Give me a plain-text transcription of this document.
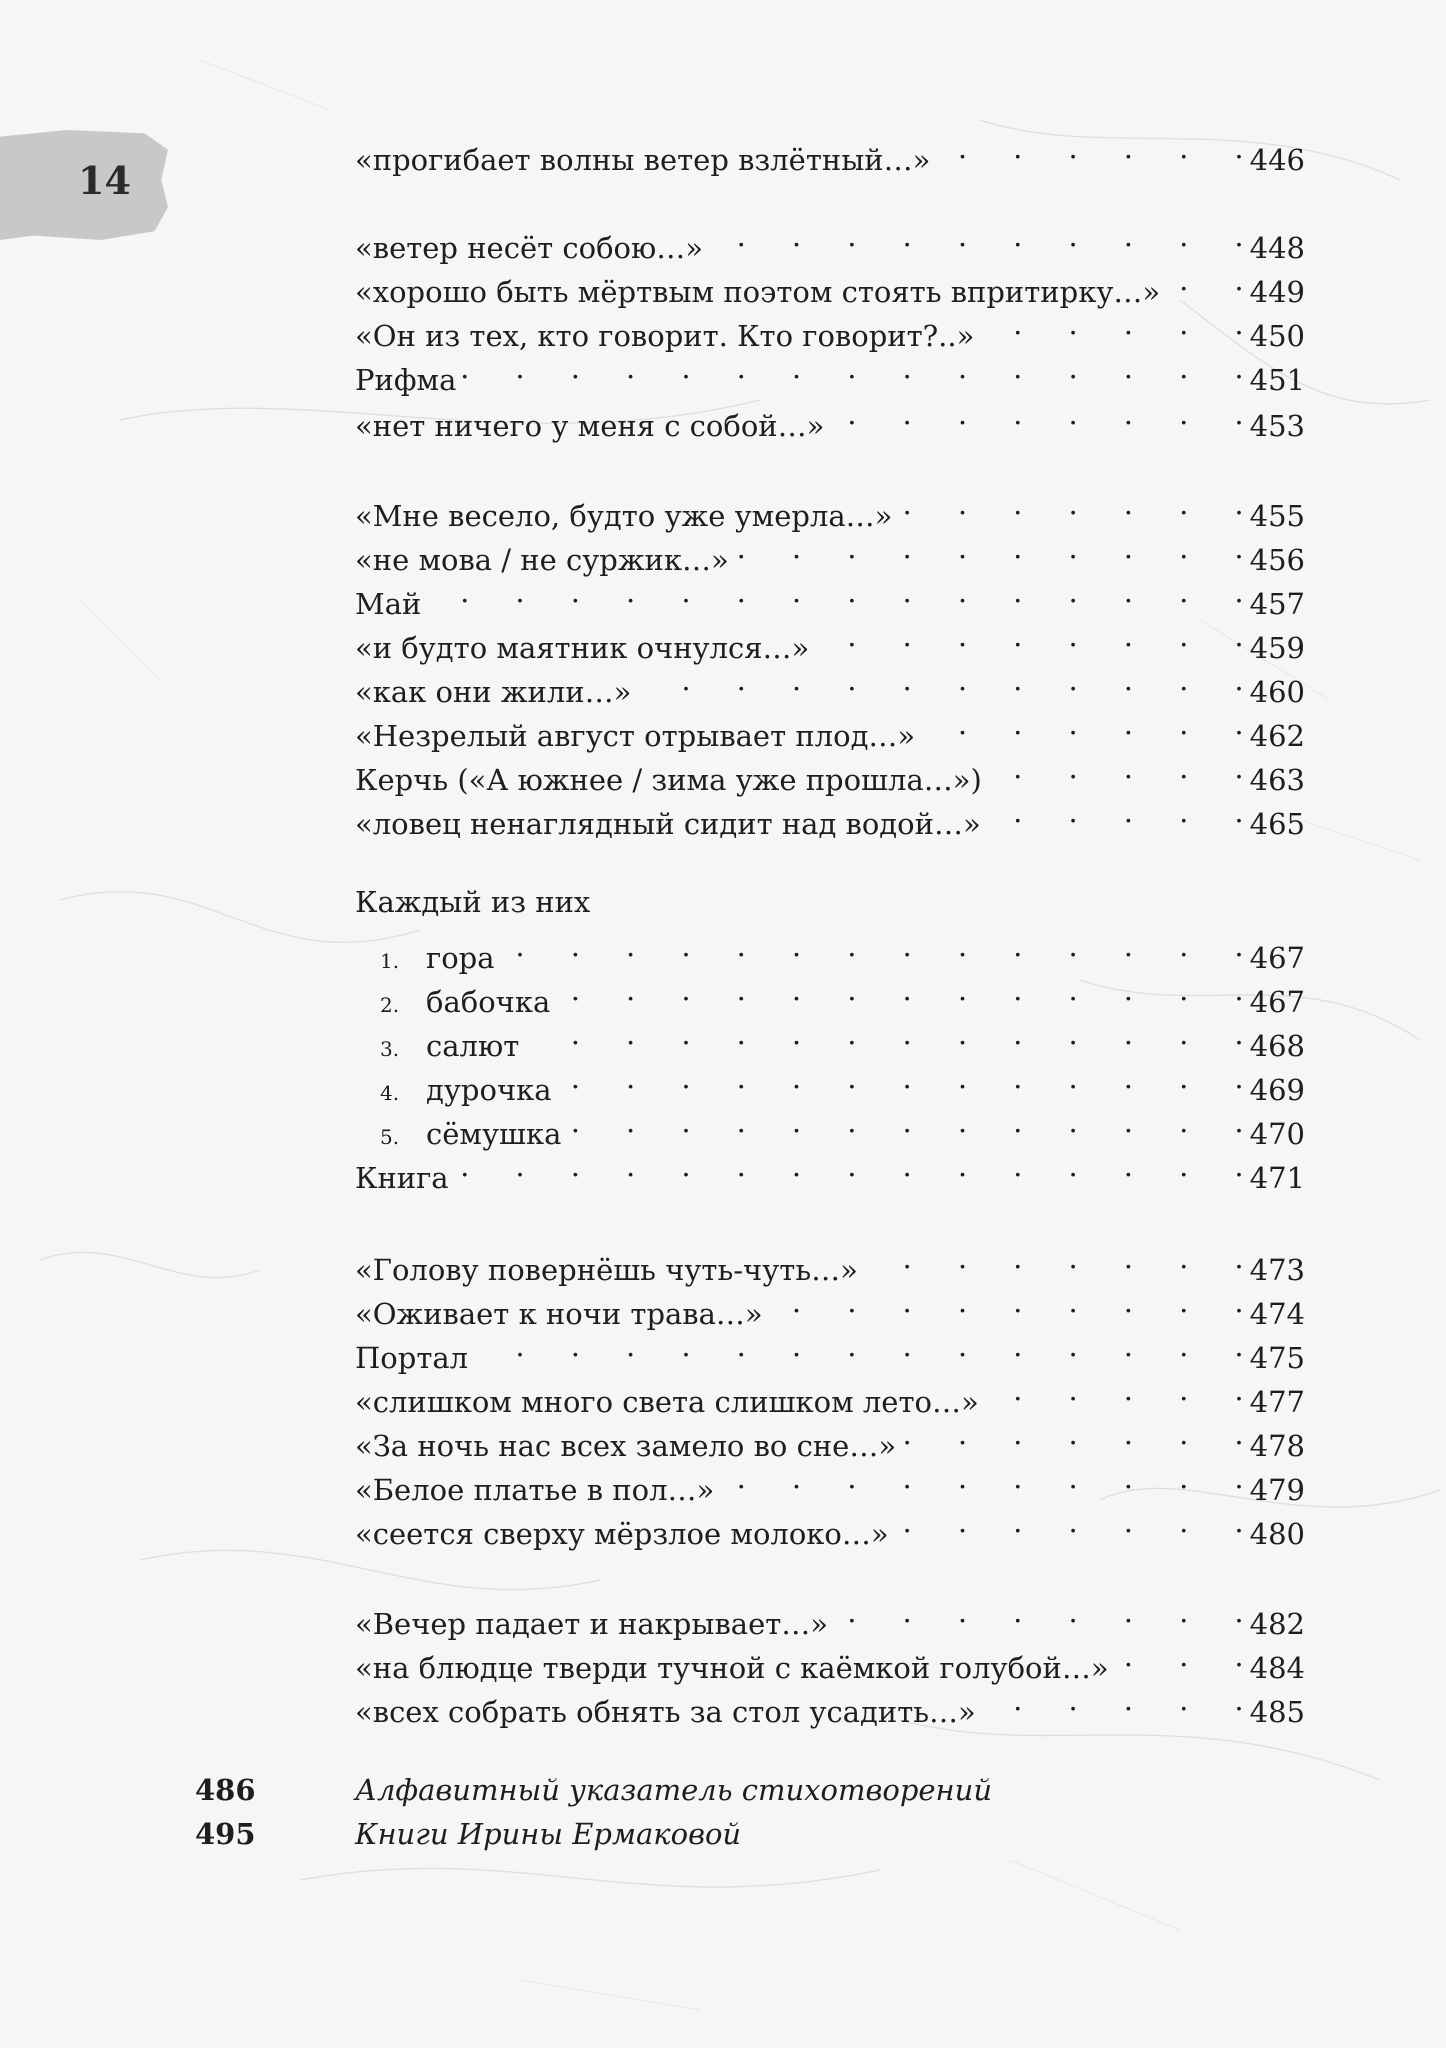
14	«прогибает волны ветер взлётный…» .	446
«ветер несёт собою…» .	448
«хорошо быть мёртвым поэтом стоять впритирку…» .	449
«Он из тех, кто говорит. Кто говорит?..» .	450
Рифма .	451
«нет ничего у меня с собой…» .	453
«Мне весело, будто уже умерла…» .	455
«не мова / не суржик…» .	456
Май .	457
«и будто маятник очнулся…» .	459
«как они жили…» .	460
«Незрелый август отрывает плод…» .	462
Керчь («А южнее / зима уже прошла…») .	463
«ловец ненаглядный сидит над водой…» .	465
Каждый из них
1. гора .	467
2. бабочка .	467
3. салют .	468
4. дурочка .	469
5. сёмушка .	470
Книга .	471
«Голову повернёшь чуть-чуть…» .	473
«Оживает к ночи трава…» .	474
Портал .	475
«слишком много света слишком лето…» .	477
«За ночь нас всех замело во сне…» .	478
«Белое платье в пол…» .	479
«сеется сверху мёрзлое молоко…» .	480
«Вечер падает и накрывает…» .	482
«на блюдце тверди тучной с каёмкой голубой…» .	484
«всех собрать обнять за стол усадить…» .	485
486	Алфавитный указатель стихотворений
495	Книги Ирины Ермаковой
